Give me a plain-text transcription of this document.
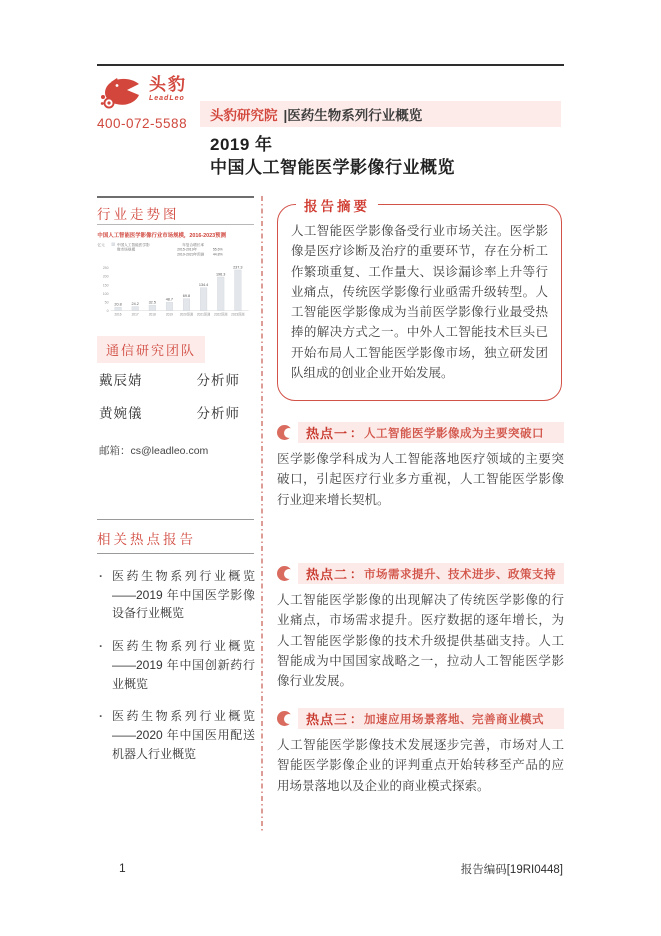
头豹
LeadLeo
400-072-5588
头豹研究院 |医药生物系列行业概览
2019 年
中国人工智能医学影像行业概览
行业走势图
中国人工智能医学影像行业市场规模，2016-2023预测
亿元	中国人工智能医学影
像市场规模
年复合增长率
2015-2019年	55.6%
2019-2023年预测	44.8%
0
50
100
150
200
250
20.8
2016
24.2
2017
32.5
2018
48.7
2019
69.8
2020预测
134.4
2021预测
196.3
2022预测
237.3
2023预测
通信研究团队
戴辰婧	分析师
黄婉儀	分析师
邮箱：cs@leadleo.com
相关热点报告
· 医药生物系列行业概览——2019 年中国医学影像设备行业概览
· 医药生物系列行业概览——2019 年中国创新药行业概览
· 医药生物系列行业概览——2020 年中国医用配送机器人行业概览
报告摘要
人工智能医学影像备受行业市场关注。医学影像是医疗诊断及治疗的重要环节，存在分析工作繁琐重复、工作量大、误诊漏诊率上升等行业痛点，传统医学影像行业亟需升级转型。人工智能医学影像成为当前医学影像行业最受热捧的解决方式之一。中外人工智能技术巨头已开始布局人工智能医学影像市场，独立研发团队组成的创业企业开始发展。
热点一 ： 人工智能医学影像成为主要突破口
医学影像学科成为人工智能落地医疗领域的主要突破口，引起医疗行业多方重视，人工智能医学影像行业迎来增长契机。
热点二 ： 市场需求提升、技术进步、政策支持
人工智能医学影像的出现解决了传统医学影像的行业痛点，市场需求提升。医疗数据的逐年增长，为人工智能医学影像的技术升级提供基础支持。人工智能成为中国国家战略之一，拉动人工智能医学影像行业发展。
热点三 ： 加速应用场景落地、完善商业模式
人工智能医学影像技术发展逐步完善，市场对人工智能医学影像企业的评判重点开始转移至产品的应用场景落地以及企业的商业模式探索。
1	报告编码[19RI0448]
